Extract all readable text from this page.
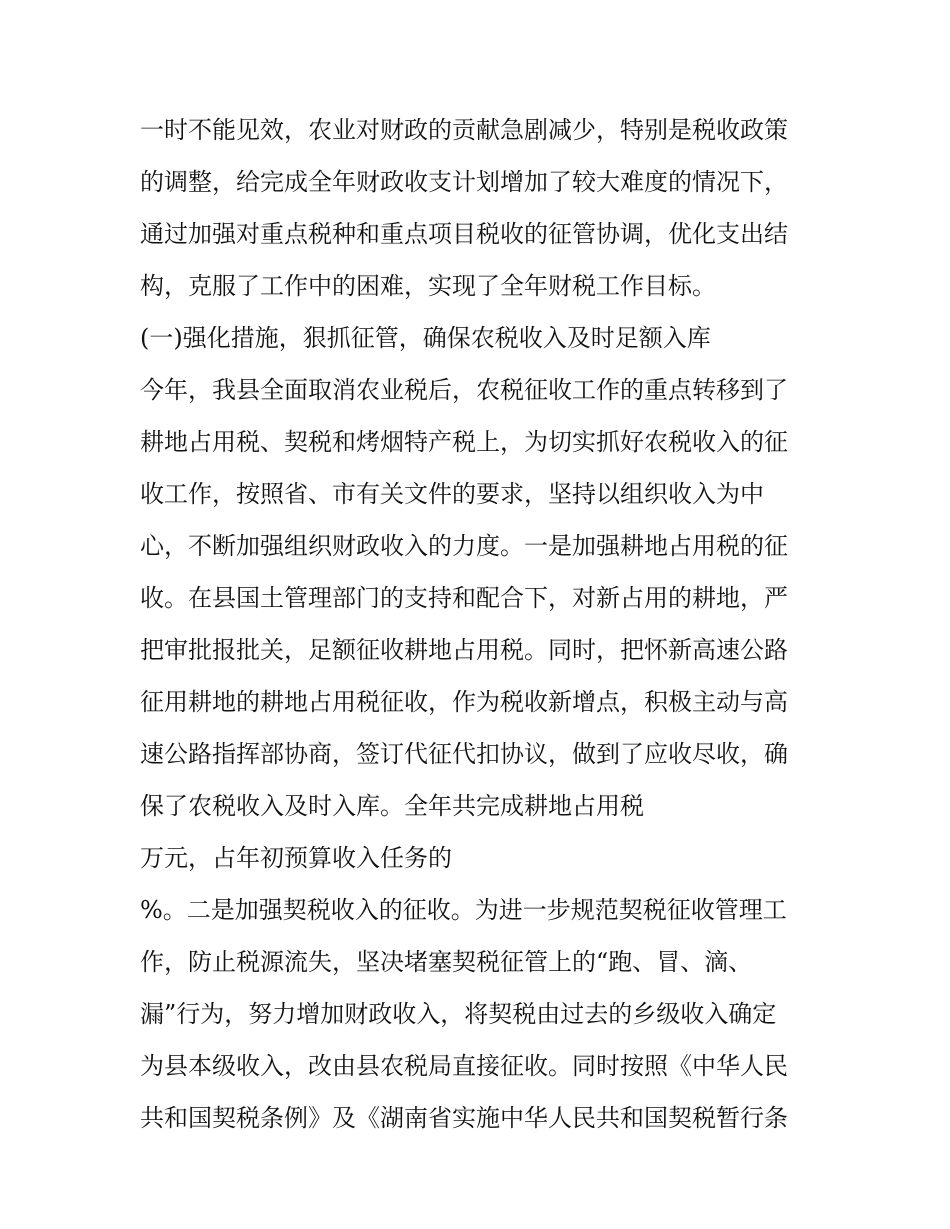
一时不能见效，农业对财政的贡献急剧减少，特别是税收政策
的调整，给完成全年财政收支计划增加了较大难度的情况下，
通过加强对重点税种和重点项目税收的征管协调，优化支出结
构，克服了工作中的困难，实现了全年财税工作目标。
(一)强化措施，狠抓征管，确保农税收入及时足额入库
今年，我县全面取消农业税后，农税征收工作的重点转移到了
耕地占用税、契税和烤烟特产税上，为切实抓好农税收入的征
收工作，按照省、市有关文件的要求，坚持以组织收入为中
心，不断加强组织财政收入的力度。一是加强耕地占用税的征
收。在县国土管理部门的支持和配合下，对新占用的耕地，严
把审批报批关，足额征收耕地占用税。同时，把怀新高速公路
征用耕地的耕地占用税征收，作为税收新增点，积极主动与高
速公路指挥部协商，签订代征代扣协议，做到了应收尽收，确
保了农税收入及时入库。全年共完成耕地占用税
万元，占年初预算收入任务的
%。二是加强契税收入的征收。为进一步规范契税征收管理工
作，防止税源流失，坚决堵塞契税征管上的“跑、冒、滴、
漏”行为，努力增加财政收入，将契税由过去的乡级收入确定
为县本级收入，改由县农税局直接征收。同时按照《中华人民
共和国契税条例》及《湖南省实施中华人民共和国契税暂行条
